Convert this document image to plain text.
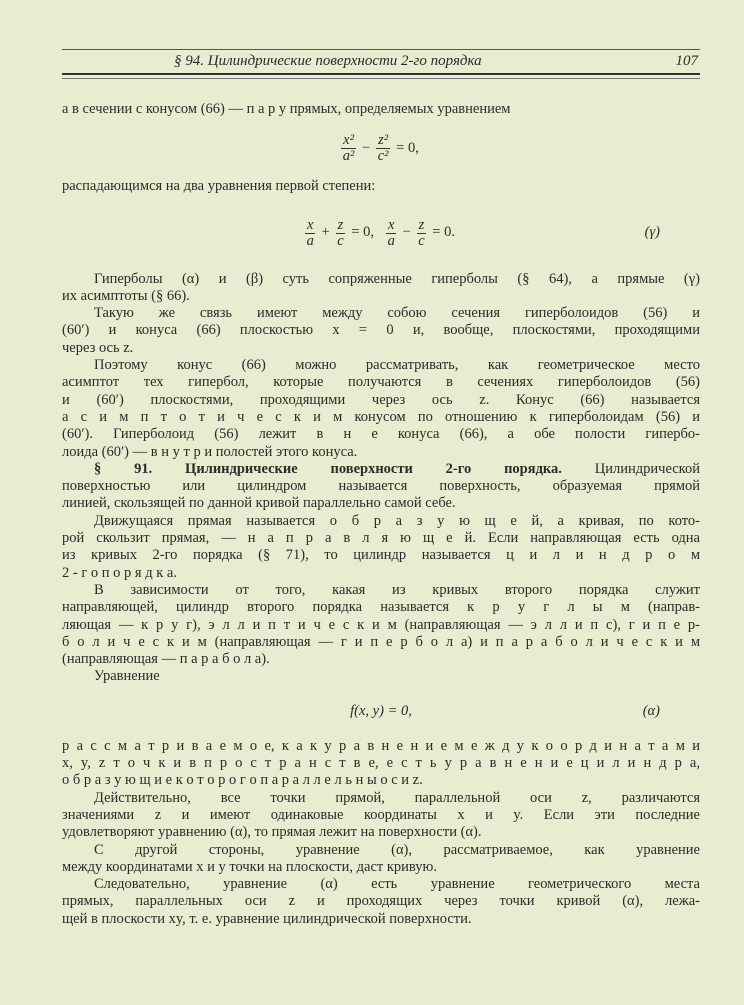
§ 94. Цилиндрические поверхности 2-го порядка	107
а в сечении с конусом (66) — п а р у прямых, определяемых уравнением
$\frac{\text{x²}}{\text{a²}} - \frac{\text{z²}}{\text{c²}} = 0$,
распадающимся на два уравнения первой степени:
$\frac{x}{a} + \frac{z}{c} = 0$, $\frac{x}{a} - \frac{z}{c} = 0$.	(γ)
Гиперболы (α) и (β) суть сопряженные гиперболы (§ 64), а прямые (γ)
их асимптоты (§ 66).
Такую же связь имеют между собою сечения гиперболоидов (56) и
(60′) и конуса (66) плоскостью x = 0 и, вообще, плоскостями, проходящими
через ось z.
Поэтому конус (66) можно рассматривать, как геометрическое место
асимптот тех гипербол, которые получаются в сечениях гиперболоидов (56)
и (60′) плоскостями, проходящими через ось z. Конус (66) называется
а с и м п т о т и ч е с к и м конусом по отношению к гиперболоидам (56) и
(60′). Гиперболоид (56) лежит в н е конуса (66), а обе полости гипербо-
лоида (60′) — в н у т р и полостей этого конуса.
§ 91. Цилиндрические поверхности 2-го порядка. Цилиндрической
поверхностью или цилиндром называется поверхность, образуемая прямой
линией, скользящей по данной кривой параллельно самой себе.
Движущаяся прямая называется о б р а з у ю щ е й, а кривая, по кото-
рой скользит прямая, — н а п р а в л я ю щ е й. Если направляющая есть одна
из кривых 2-го порядка (§ 71), то цилиндр называется ц и л и н д р о м
2 - г о п о р я д к а.
В зависимости от того, какая из кривых второго порядка служит
направляющей, цилиндр второго порядка называется к р у г л ы м (направ-
ляющая — к р у г), э л л и п т и ч е с к и м (направляющая — э л л и п с), г и п е р-
б о л и ч е с к и м (направляющая — г и п е р б о л а) и п а р а б о л и ч е с к и м
(направляющая — п а р а б о л а).
Уравнение
f(x, y) = 0,	(α)
р а с с м а т р и в а е м о е, к а к у р а в н е н и е м е ж д у к о о р д и н а т а м и
x, y, z т о ч к и в п р о с т р а н с т в е, е с т ь у р а в н е н и е ц и л и н д р а,
о б р а з у ю щ и е к о т о р о г о п а р а л л е л ь н ы о с и z.
Действительно, все точки прямой, параллельной оси z, различаются
значениями z и имеют одинаковые координаты x и y. Если эти последние
удовлетворяют уравнению (α), то прямая лежит на поверхности (α).
С другой стороны, уравнение (α), рассматриваемое, как уравнение
между координатами x и y точки на плоскости, даст кривую.
Следовательно, уравнение (α) есть уравнение геометрического места
прямых, параллельных оси z и проходящих через точки кривой (α), лежа-
щей в плоскости xy, т. е. уравнение цилиндрической поверхности.
